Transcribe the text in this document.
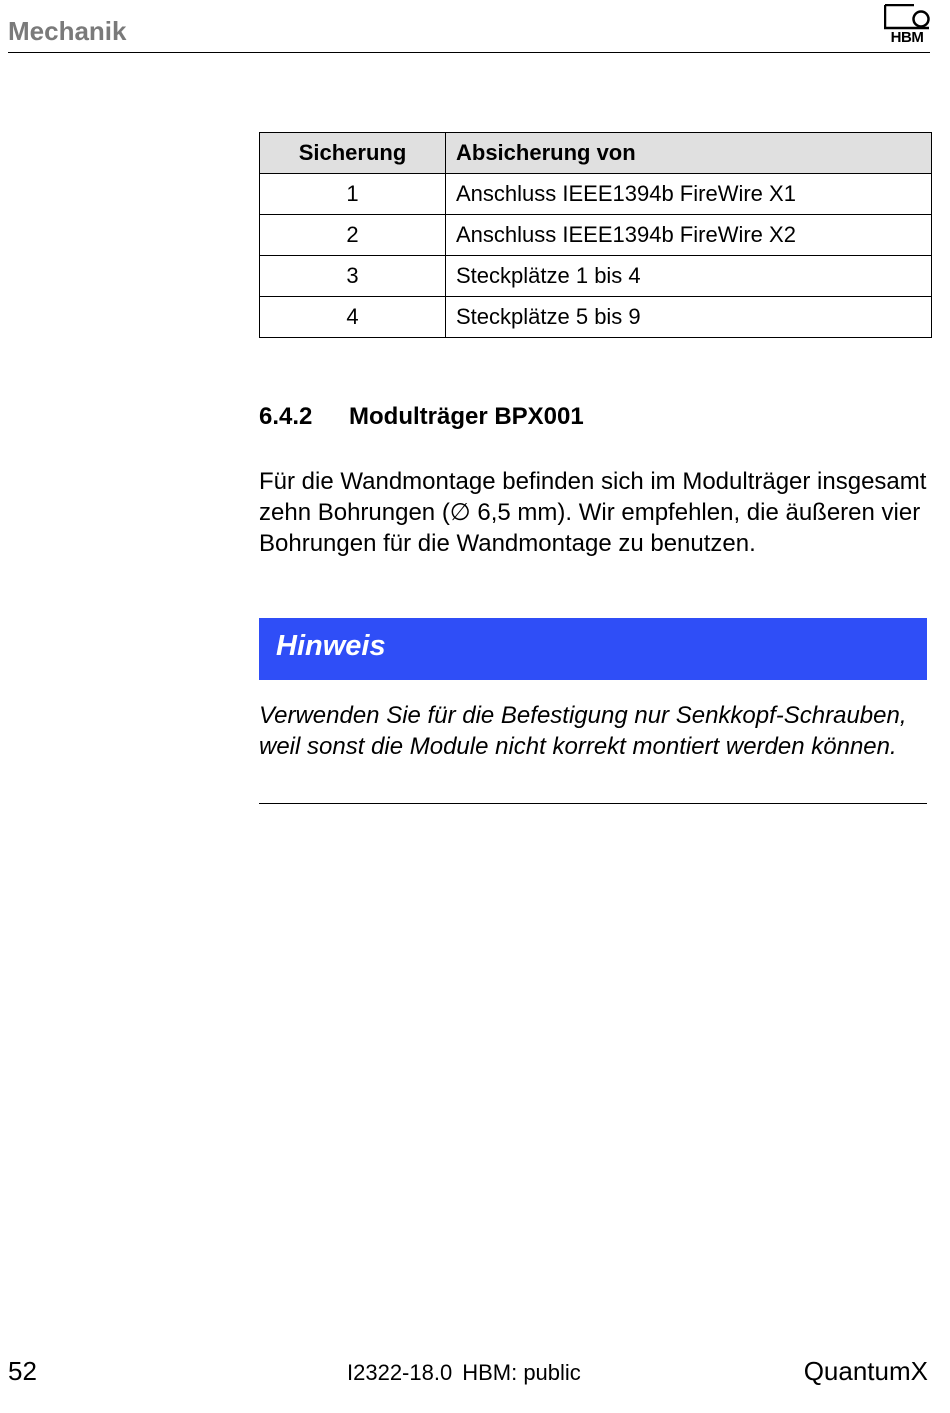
Mechanik	HBM
Sicherung	Absicherung von
1	Anschluss IEEE1394b FireWire X1
2	Anschluss IEEE1394b FireWire X2
3	Steckplätze 1 bis 4
4	Steckplätze 5 bis 9
6.4.2 Modulträger BPX001
Für die Wandmontage befinden sich im Modulträger insgesamt zehn Bohrungen (∅ 6,5 mm). Wir empfehlen, die äußeren vier Bohrungen für die Wandmontage zu benutzen.
Hinweis
Verwenden Sie für die Befestigung nur Senkkopf-Schrauben, weil sonst die Module nicht korrekt montiert werden können.
52	I2322-18.0 HBM: public	QuantumX
